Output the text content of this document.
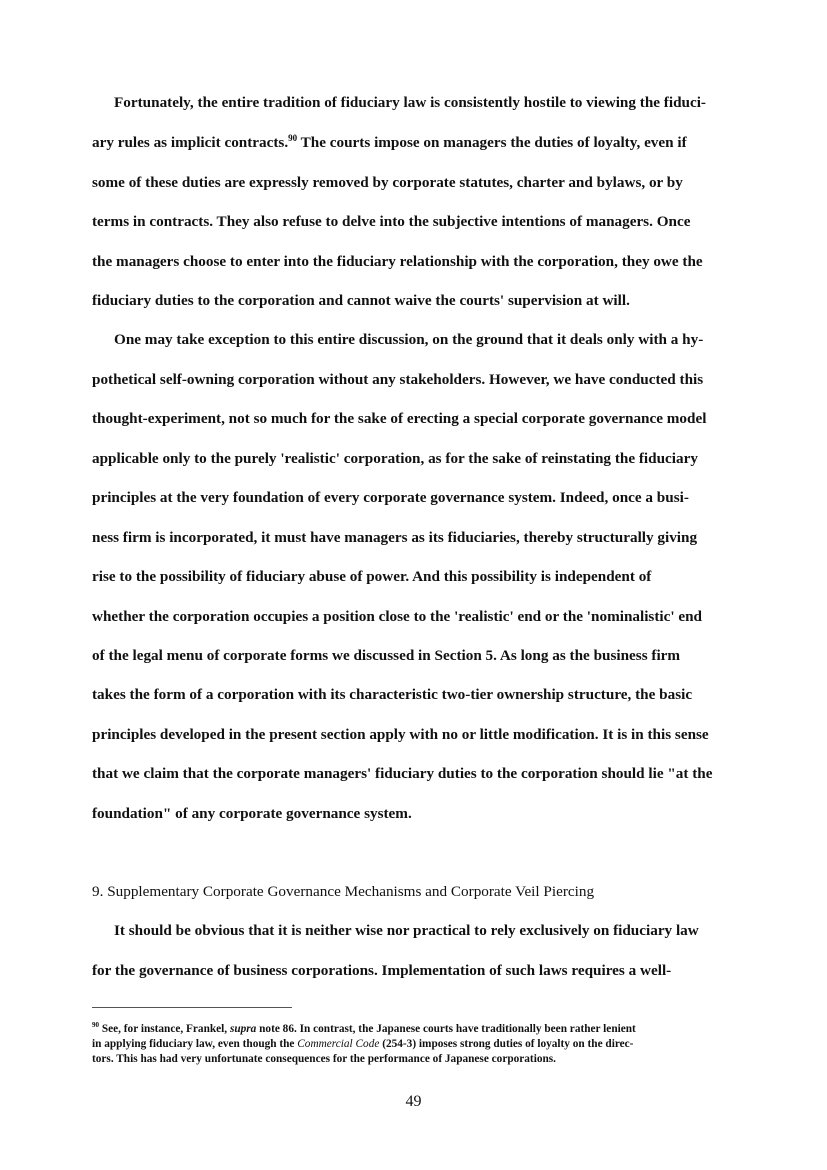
Fortunately, the entire tradition of fiduciary law is consistently hostile to viewing the fiduci-
ary rules as implicit contracts.$^{90}$ The courts impose on managers the duties of loyalty, even if
some of these duties are expressly removed by corporate statutes, charter and bylaws, or by
terms in contracts. They also refuse to delve into the subjective intentions of managers. Once
the managers choose to enter into the fiduciary relationship with the corporation, they owe the
fiduciary duties to the corporation and cannot waive the courts' supervision at will.
One may take exception to this entire discussion, on the ground that it deals only with a hy-
pothetical self-owning corporation without any stakeholders. However, we have conducted this
thought-experiment, not so much for the sake of erecting a special corporate governance model
applicable only to the purely 'realistic' corporation, as for the sake of reinstating the fiduciary
principles at the very foundation of every corporate governance system. Indeed, once a busi-
ness firm is incorporated, it must have managers as its fiduciaries, thereby structurally giving
rise to the possibility of fiduciary abuse of power. And this possibility is independent of
whether the corporation occupies a position close to the 'realistic' end or the 'nominalistic' end
of the legal menu of corporate forms we discussed in Section 5. As long as the business firm
takes the form of a corporation with its characteristic two-tier ownership structure, the basic
principles developed in the present section apply with no or little modification. It is in this sense
that we claim that the corporate managers' fiduciary duties to the corporation should lie "at the
foundation" of any corporate governance system.
9. Supplementary Corporate Governance Mechanisms and Corporate Veil Piercing
It should be obvious that it is neither wise nor practical to rely exclusively on fiduciary law
for the governance of business corporations. Implementation of such laws requires a well-
$^{90}$ See, for instance, Frankel, supra note 86. In contrast, the Japanese courts have traditionally been rather lenient
in applying fiduciary law, even though the Commercial Code (254-3) imposes strong duties of loyalty on the direc-
tors. This has had very unfortunate consequences for the performance of Japanese corporations.
49
